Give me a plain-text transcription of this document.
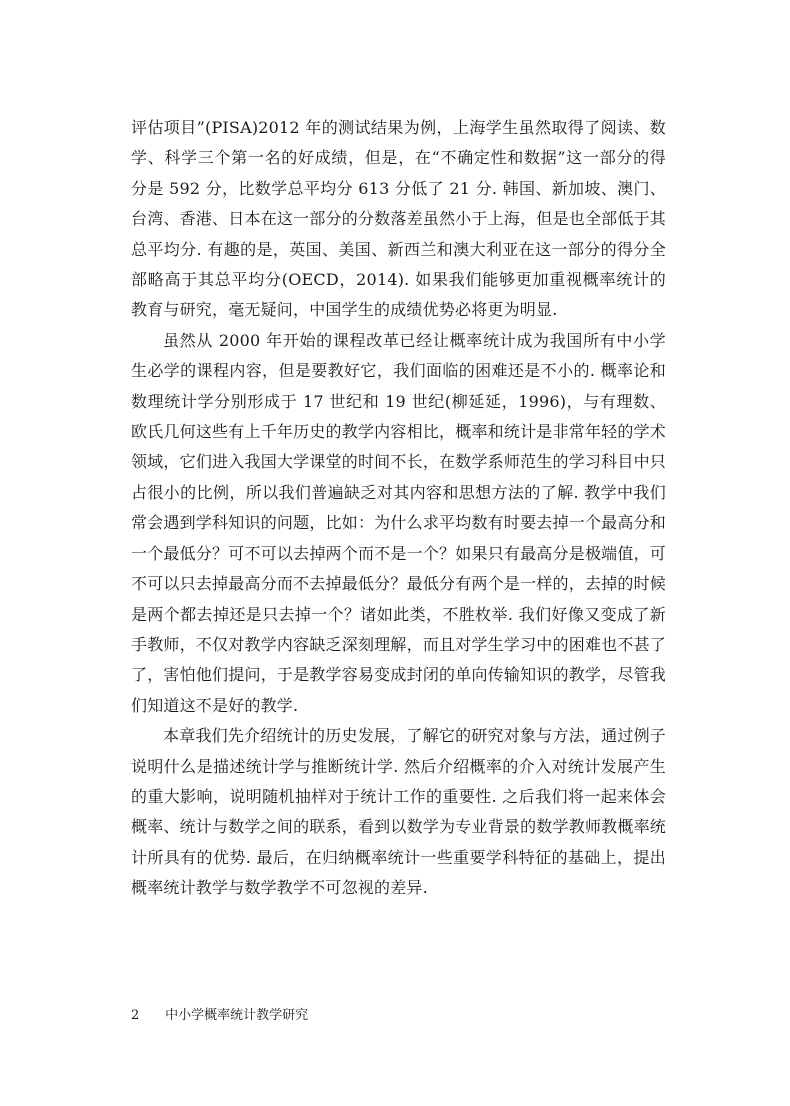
评估项目”(PISA)2012 年的测试结果为例，上海学生虽然取得了阅读、数学、科学三个第一名的好成绩，但是，在“不确定性和数据”这一部分的得分是 592 分，比数学总平均分 613 分低了 21 分. 韩国、新加坡、澳门、台湾、香港、日本在这一部分的分数落差虽然小于上海，但是也全部低于其总平均分. 有趣的是，英国、美国、新西兰和澳大利亚在这一部分的得分全部略高于其总平均分(OECD，2014). 如果我们能够更加重视概率统计的教育与研究，毫无疑问，中国学生的成绩优势必将更为明显.

虽然从 2000 年开始的课程改革已经让概率统计成为我国所有中小学生必学的课程内容，但是要教好它，我们面临的困难还是不小的. 概率论和数理统计学分别形成于 17 世纪和 19 世纪(柳延延，1996)，与有理数、欧氏几何这些有上千年历史的教学内容相比，概率和统计是非常年轻的学术领域，它们进入我国大学课堂的时间不长，在数学系师范生的学习科目中只占很小的比例，所以我们普遍缺乏对其内容和思想方法的了解. 教学中我们常会遇到学科知识的问题，比如：为什么求平均数有时要去掉一个最高分和一个最低分？可不可以去掉两个而不是一个？如果只有最高分是极端值，可不可以只去掉最高分而不去掉最低分？最低分有两个是一样的，去掉的时候是两个都去掉还是只去掉一个？诸如此类，不胜枚举. 我们好像又变成了新手教师，不仅对教学内容缺乏深刻理解，而且对学生学习中的困难也不甚了了，害怕他们提问，于是教学容易变成封闭的单向传输知识的教学，尽管我们知道这不是好的教学.

本章我们先介绍统计的历史发展，了解它的研究对象与方法，通过例子说明什么是描述统计学与推断统计学. 然后介绍概率的介入对统计发展产生的重大影响，说明随机抽样对于统计工作的重要性. 之后我们将一起来体会概率、统计与数学之间的联系，看到以数学为专业背景的数学教师教概率统计所具有的优势. 最后，在归纳概率统计一些重要学科特征的基础上，提出概率统计教学与数学教学不可忽视的差异.

2 中小学概率统计教学研究
